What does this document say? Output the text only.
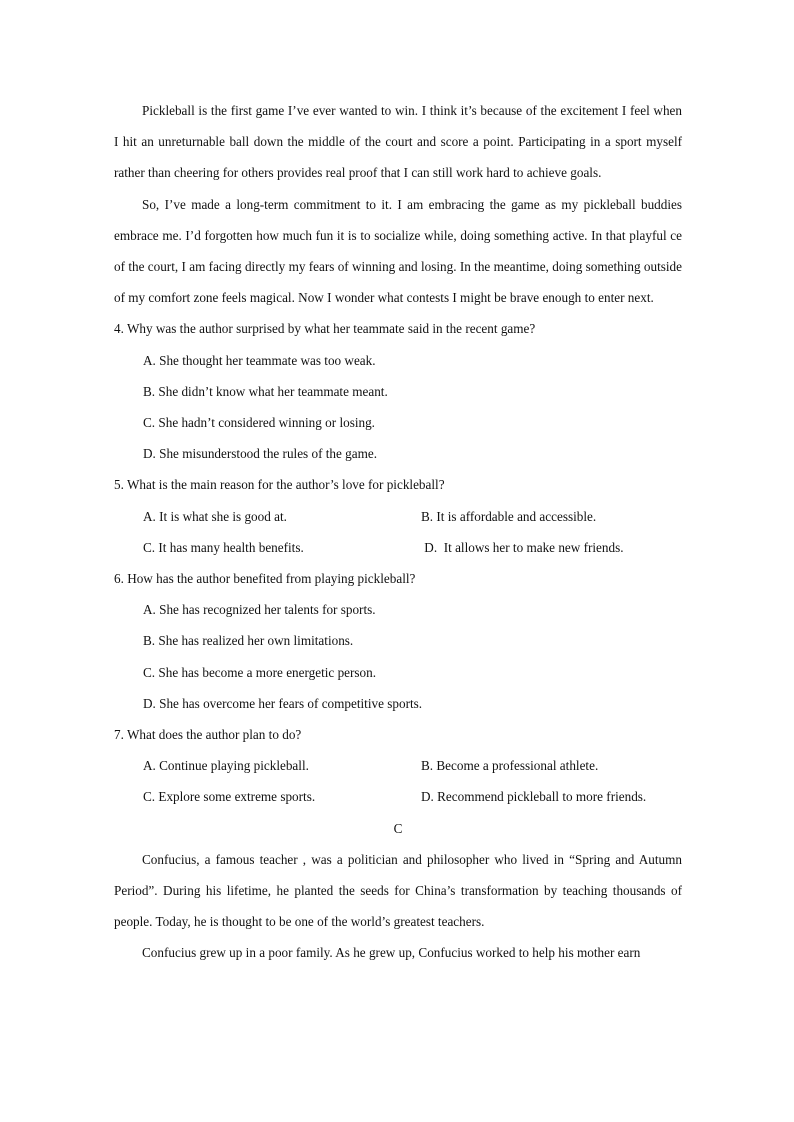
Pickleball is the first game I’ve ever wanted to win. I think it’s because of the excitement I feel when I hit an unreturnable ball down the middle of the court and score a point. Participating in a sport myself rather than cheering for others provides real proof that I can still work hard to achieve goals.

So, I’ve made a long-term commitment to it. I am embracing the game as my pickleball buddies embrace me. I’d forgotten how much fun it is to socialize while, doing something active. In that playful ce of the court, I am facing directly my fears of winning and losing. In the meantime, doing something outside of my comfort zone feels magical. Now I wonder what contests I might be brave enough to enter next.

4. Why was the author surprised by what her teammate said in the recent game?

A. She thought her teammate was too weak.

B. She didn’t know what her teammate meant.

C. She hadn’t considered winning or losing.

D. She misunderstood the rules of the game.

5. What is the main reason for the author’s love for pickleball?

A. It is what she is good at.	B. It is affordable and accessible.
C. It has many health benefits.	D.  It allows her to make new friends.

6. How has the author benefited from playing pickleball?

A. She has recognized her talents for sports.

B. She has realized her own limitations.

C. She has become a more energetic person.

D. She has overcome her fears of competitive sports.

7. What does the author plan to do?

A. Continue playing pickleball.	B. Become a professional athlete.
C. Explore some extreme sports.	D. Recommend pickleball to more friends.

C

Confucius, a famous teacher , was a politician and philosopher who lived in “Spring and Autumn Period”. During his lifetime, he planted the seeds for China’s transformation by teaching thousands of people. Today, he is thought to be one of the world’s greatest teachers.

Confucius grew up in a poor family. As he grew up, Confucius worked to help his mother earn
